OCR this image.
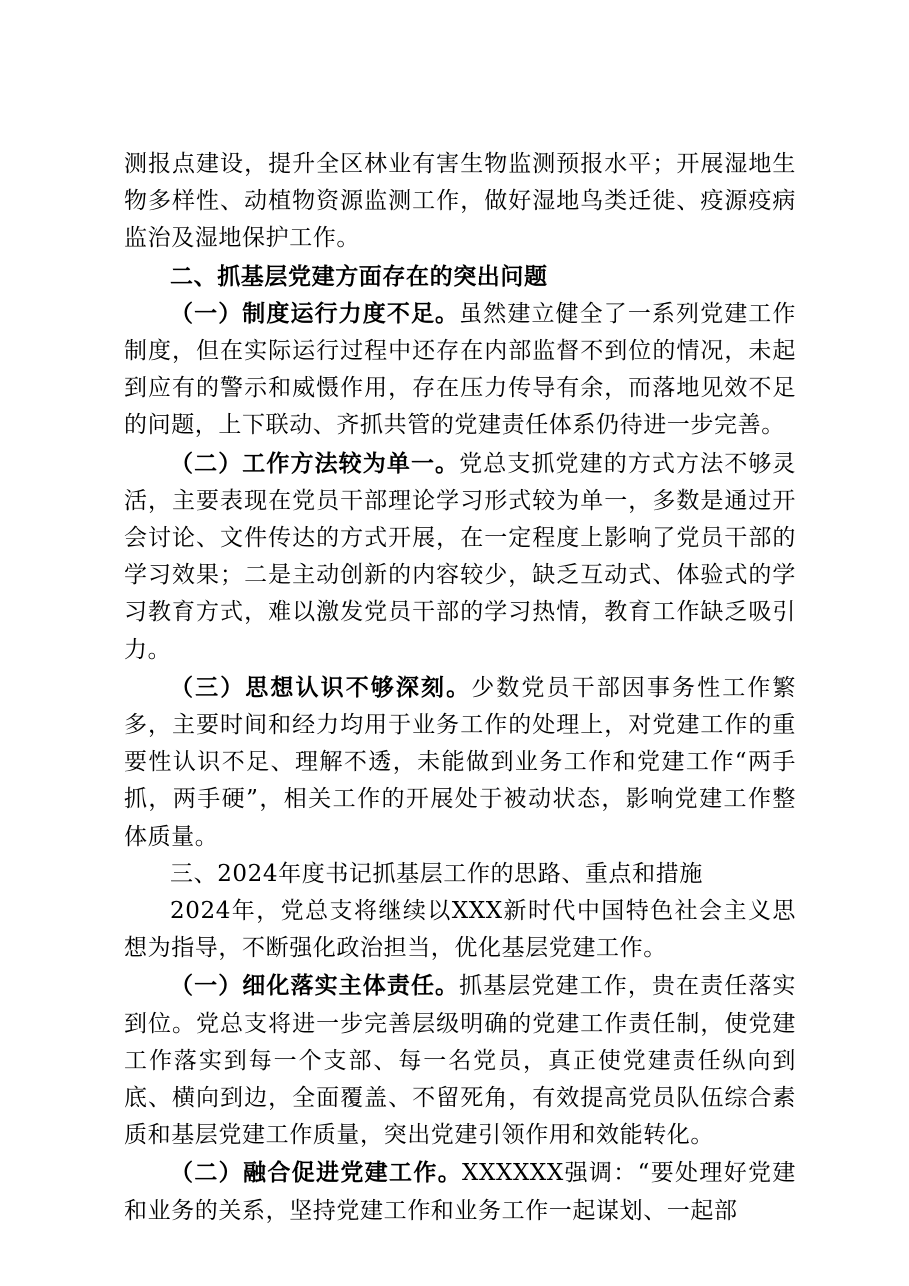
测报点建设，提升全区林业有害生物监测预报水平；开展湿地生物多样性、动植物资源监测工作，做好湿地鸟类迁徙、疫源疫病监治及湿地保护工作。

二、抓基层党建方面存在的突出问题

（一）制度运行力度不足。虽然建立健全了一系列党建工作制度，但在实际运行过程中还存在内部监督不到位的情况，未起到应有的警示和威慑作用，存在压力传导有余，而落地见效不足的问题，上下联动、齐抓共管的党建责任体系仍待进一步完善。

（二）工作方法较为单一。党总支抓党建的方式方法不够灵活，主要表现在党员干部理论学习形式较为单一，多数是通过开会讨论、文件传达的方式开展，在一定程度上影响了党员干部的学习效果；二是主动创新的内容较少，缺乏互动式、体验式的学习教育方式，难以激发党员干部的学习热情，教育工作缺乏吸引力。

（三）思想认识不够深刻。少数党员干部因事务性工作繁多，主要时间和经力均用于业务工作的处理上，对党建工作的重要性认识不足、理解不透，未能做到业务工作和党建工作“两手抓，两手硬”，相关工作的开展处于被动状态，影响党建工作整体质量。

三、2024年度书记抓基层工作的思路、重点和措施

2024年，党总支将继续以XXX新时代中国特色社会主义思想为指导，不断强化政治担当，优化基层党建工作。

（一）细化落实主体责任。抓基层党建工作，贵在责任落实到位。党总支将进一步完善层级明确的党建工作责任制，使党建工作落实到每一个支部、每一名党员，真正使党建责任纵向到底、横向到边，全面覆盖、不留死角，有效提高党员队伍综合素质和基层党建工作质量，突出党建引领作用和效能转化。

（二）融合促进党建工作。XXXXXX强调：“要处理好党建和业务的关系，坚持党建工作和业务工作一起谋划、一起部
